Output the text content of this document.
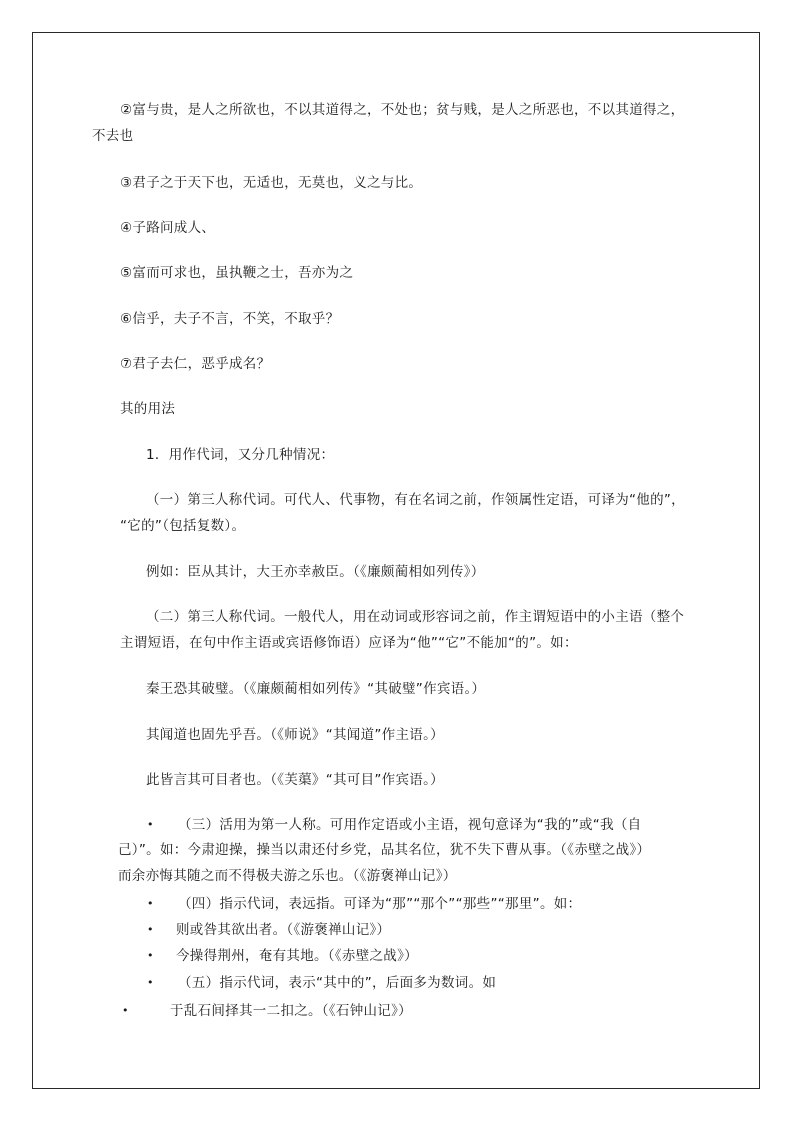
②富与贵，是人之所欲也，不以其道得之，不处也；贫与贱，是人之所恶也，不以其道得之，
不去也
③君子之于天下也，无适也，无莫也，义之与比。
④子路问成人、
⑤富而可求也，虽执鞭之士，吾亦为之
⑥信乎，夫子不言，不笑，不取乎？
⑦君子去仁，恶乎成名？
其的用法
1．用作代词，又分几种情况：
（一）第三人称代词。可代人、代事物，有在名词之前，作领属性定语，可译为“他的”，
“它的”（包括复数）。
例如：臣从其计，大王亦幸赦臣。（《廉颇蔺相如列传》）
（二）第三人称代词。一般代人，用在动词或形容词之前，作主谓短语中的小主语（整个
主谓短语，在句中作主语或宾语修饰语）应译为“他”“它”不能加“的”。如：
秦王恐其破璧。（《廉颇蔺相如列传》“其破璧”作宾语。）
其闻道也固先乎吾。（《师说》“其闻道”作主语。）
此皆言其可目者也。（《芙蕖》“其可目”作宾语。）
• （三）活用为第一人称。可用作定语或小主语，视句意译为“我的”或“我（自
己）”。如：今肃迎操，操当以肃还付乡党，品其名位，犹不失下曹从事。（《赤壁之战》）
而余亦悔其随之而不得极夫游之乐也。（《游褒禅山记》）
• （四）指示代词，表远指。可译为“那”“那个”“那些”“那里”。如：
• 则或咎其欲出者。（《游褒禅山记》）
• 今操得荆州，奄有其地。（《赤壁之战》）
• （五）指示代词，表示“其中的”，后面多为数词。如
•	于乱石间择其一二扣之。（《石钟山记》）
